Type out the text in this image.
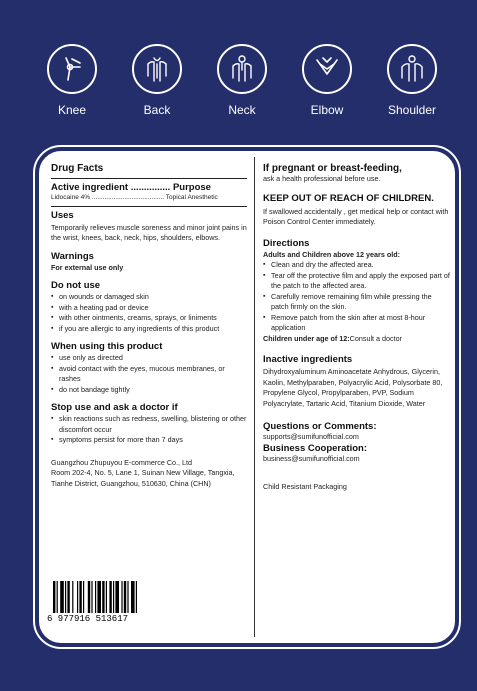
Knee	Back	Neck	Elbow	Shoulder
Drug Facts
Active ingredient ............... Purpose
Lidocaine 4% ........................................ Topical Anesthetic
Uses
Temporarily relieves muscle soreness and minor joint pains in the wrist, knees, back, neck, hips, shoulders, elbows.
Warnings
For external use only
Do not use
▪ on wounds or damaged skin
▪ with a heating pad or device
▪ with other ointments, creams, sprays, or liniments
▪ if you are allergic to any ingredients of this product
When using this product
▪ use only as directed
▪ avoid contact with the eyes, mucous membranes, or rashes
▪ do not bandage tightly
Stop use and ask a doctor if
▪ skin reactions such as redness, swelling, blistering or other discomfort occur
▪ symptoms persist for more than 7 days
Guangzhou Zhupuyou E-commerce Co., Ltd
Room 202-4, No. 5, Lane 1, Suinan New Village, Tangxia, Tianhe District, Guangzhou, 510630, China (CHN)
6 977916 513617
If pregnant or breast-feeding,
ask a health professional before use.
KEEP OUT OF REACH OF CHILDREN.
If swallowed accidentally , get medical help or contact with Poison Control Center immediately.
Directions
Adults and Children above 12 years old:
▪ Clean and dry the affected area.
▪ Tear off the protective film and apply the exposed part of the patch to the affected area.
▪ Carefully remove remaining film while pressing the patch firmly on the skin.
▪ Remove patch from the skin after at most 8-hour application
Children under age of 12:Consult a doctor
Inactive ingredients
Dihydroxyaluminum Aminoacetate Anhydrous, Glycerin, Kaolin, Methylparaben, Polyacrylic Acid, Polysorbate 80, Propylene Glycol, Propylparaben, PVP, Sodium Polyacrylate, Tartaric Acid, Titanium Dioxide, Water
Questions or Comments:
supports@sumifunofficial.com
Business Cooperation:
business@sumifunofficial.com
Child Resistant Packaging
